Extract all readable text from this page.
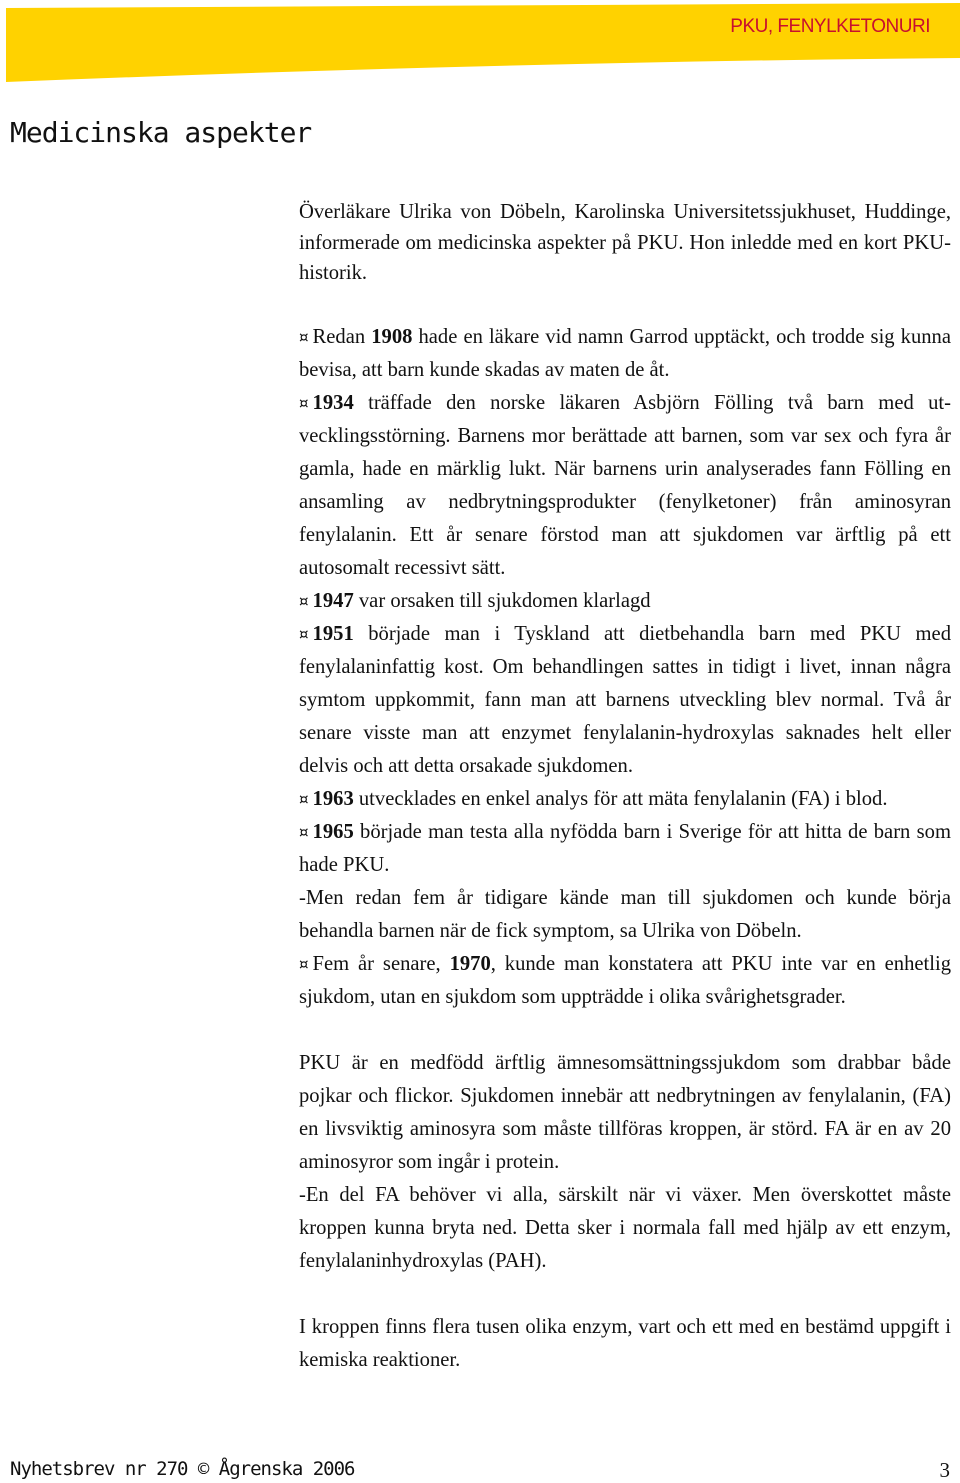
PKU, FENYLKETONURI
Medicinska aspekter

Överläkare Ulrika von Döbeln, Karolinska Universitetssjukhuset, Huddinge, informerade om medicinska aspekter på PKU. Hon inledde med en kort PKU-historik.

¤ Redan 1908 hade en läkare vid namn Garrod upptäckt, och trodde sig kunna bevisa, att barn kunde skadas av maten de åt.

¤ 1934 träffade den norske läkaren Asbjörn Fölling två barn med utvecklingsstörning. Barnens mor berättade att barnen, som var sex och fyra år gamla, hade en märklig lukt. När barnens urin analyserades fann Fölling en ansamling av nedbrytningsprodukter (fenylketoner) från aminosyran fenylalanin. Ett år senare förstod man att sjukdomen var ärftlig på ett autosomalt recessivt sätt.

¤ 1947 var orsaken till sjukdomen klarlagd

¤ 1951 började man i Tyskland att dietbehandla barn med PKU med fenylalaninfattig kost. Om behandlingen sattes in tidigt i livet, innan några symtom uppkommit, fann man att barnens utveckling blev normal. Två år senare visste man att enzymet fenylalanin-hydroxylas saknades helt eller delvis och att detta orsakade sjukdomen.

¤ 1963 utvecklades en enkel analys för att mäta fenylalanin (FA) i blod.

¤ 1965 började man testa alla nyfödda barn i Sverige för att hitta de barn som hade PKU.

-Men redan fem år tidigare kände man till sjukdomen och kunde börja behandla barnen när de fick symptom, sa Ulrika von Döbeln.

¤ Fem år senare, 1970, kunde man konstatera att PKU inte var en enhetlig sjukdom, utan en sjukdom som uppträdde i olika svårighetsgrader.

PKU är en medfödd ärftlig ämnesomsättningssjukdom som drabbar både pojkar och flickor. Sjukdomen innebär att nedbrytningen av fenylalanin, (FA) en livsviktig aminosyra som måste tillföras kroppen, är störd. FA är en av 20 aminosyror som ingår i protein.

-En del FA behöver vi alla, särskilt när vi växer. Men överskottet måste kroppen kunna bryta ned. Detta sker i normala fall med hjälp av ett enzym, fenylalaninhydroxylas (PAH).

I kroppen finns flera tusen olika enzym, vart och ett med en bestämd uppgift i kemiska reaktioner.

Nyhetsbrev nr 270 © Ågrenska 2006	3
